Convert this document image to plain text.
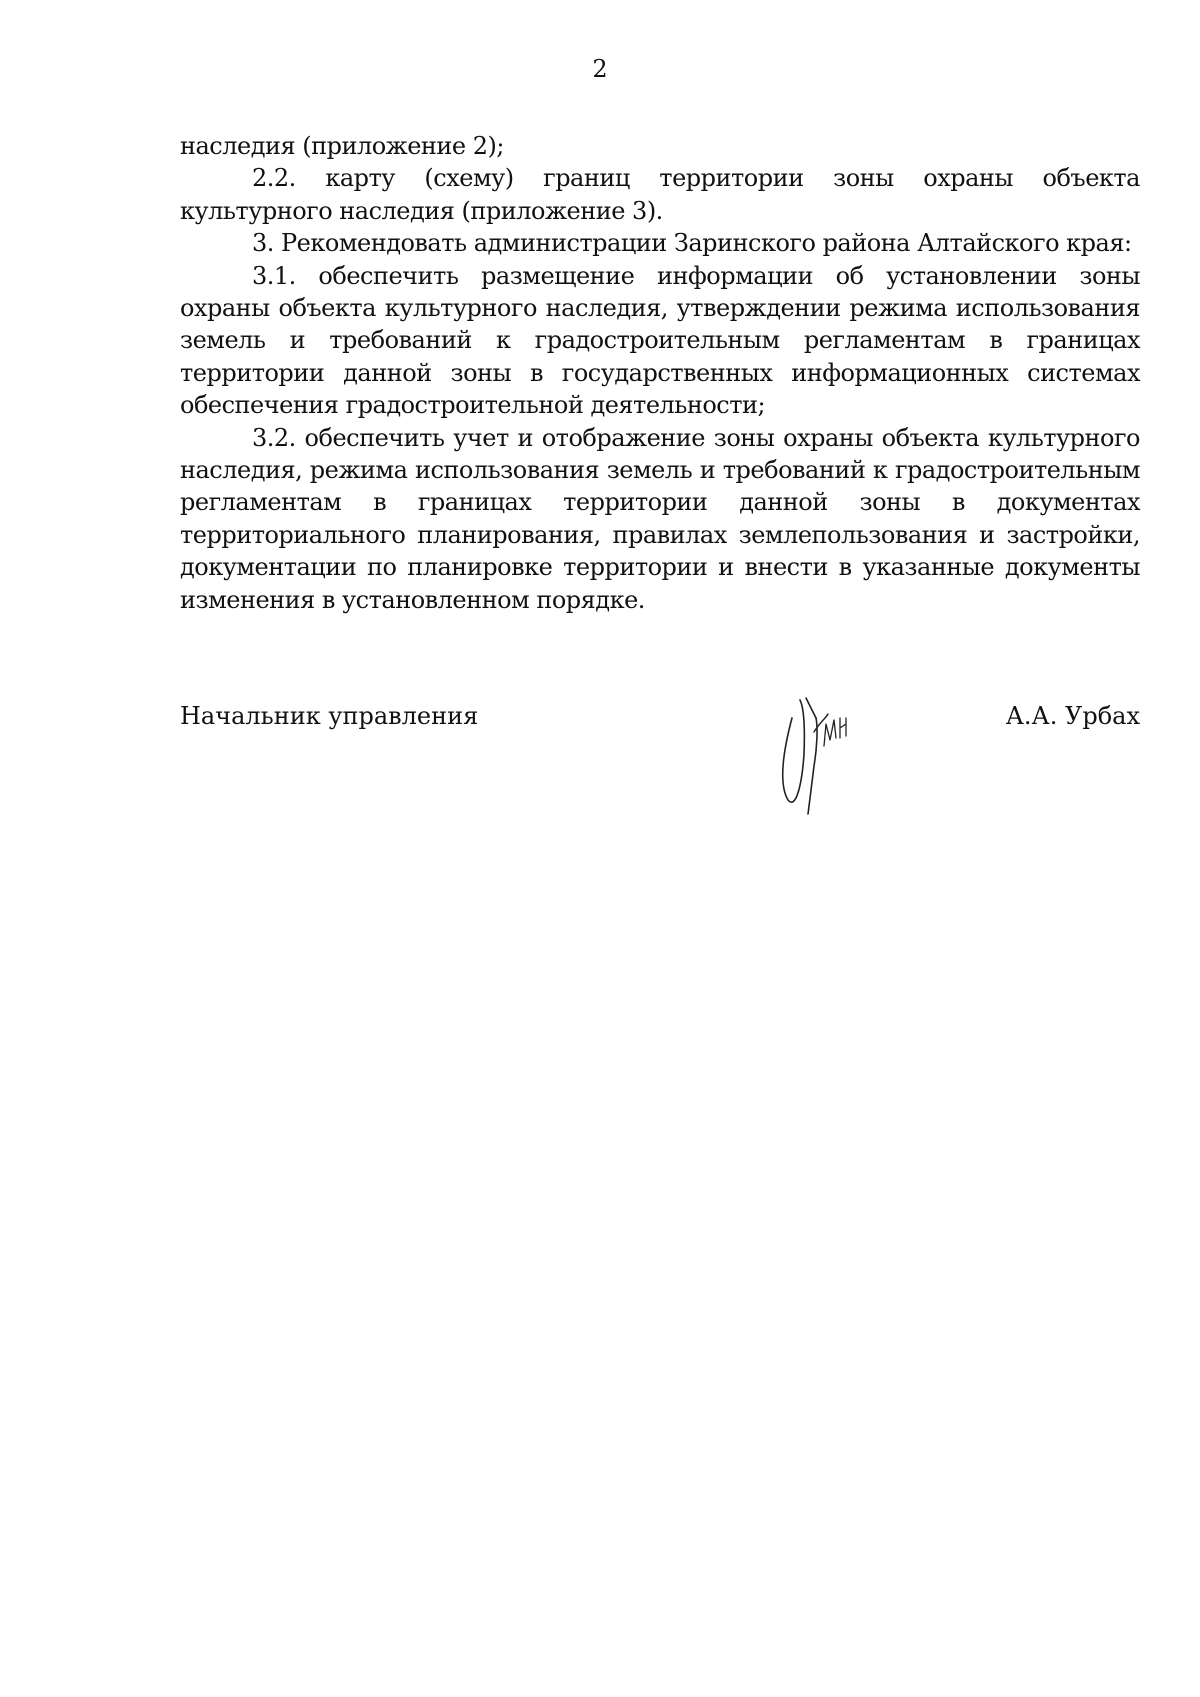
2

наследия (приложение 2);

2.2. карту (схему) границ территории зоны охраны объекта культурного наследия (приложение 3).

3. Рекомендовать администрации Заринского района Алтайского края:

3.1. обеспечить размещение информации об установлении зоны охраны объекта культурного наследия, утверждении режима использования земель и требований к градостроительным регламентам в границах территории данной зоны в государственных информационных системах обеспечения градостроительной деятельности;

3.2. обеспечить учет и отображение зоны охраны объекта культурного наследия, режима использования земель и требований к градостроительным регламентам в границах территории данной зоны в документах территориального планирования, правилах землепользования и застройки, документации по планировке территории и внести в указанные документы изменения в установленном порядке.

Начальник управления	А.А. Урбах
